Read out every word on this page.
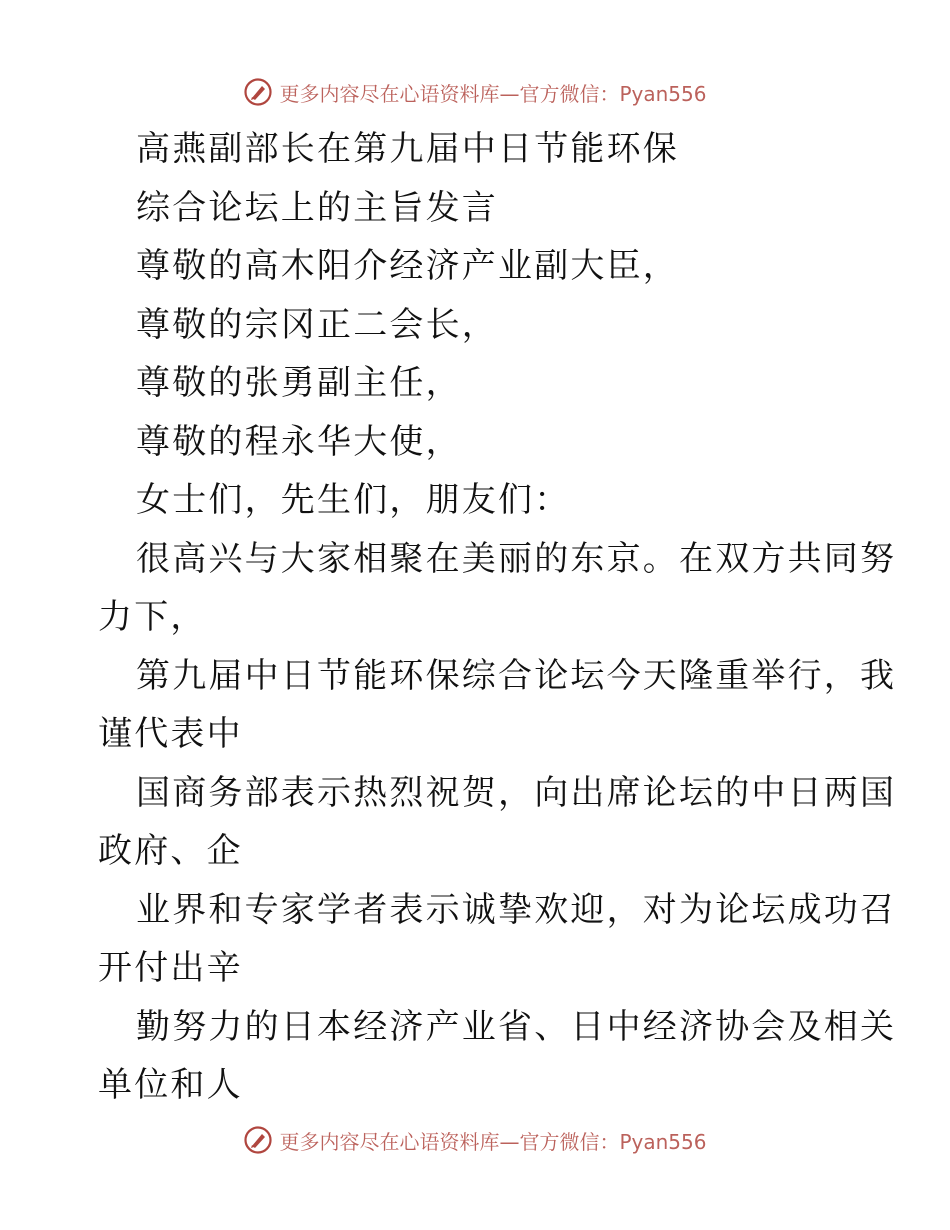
更多内容尽在心语资料库—官方微信：Pyan556
高燕副部长在第九届中日节能环保
综合论坛上的主旨发言
尊敬的高木阳介经济产业副大臣，
尊敬的宗冈正二会长，
尊敬的张勇副主任，
尊敬的程永华大使，
女士们，先生们，朋友们：
很高兴与大家相聚在美丽的东京。在双方共同努
力下，
第九届中日节能环保综合论坛今天隆重举行，我
谨代表中
国商务部表示热烈祝贺，向出席论坛的中日两国
政府、企
业界和专家学者表示诚挚欢迎，对为论坛成功召
开付出辛
勤努力的日本经济产业省、日中经济协会及相关
单位和人
更多内容尽在心语资料库—官方微信：Pyan556
